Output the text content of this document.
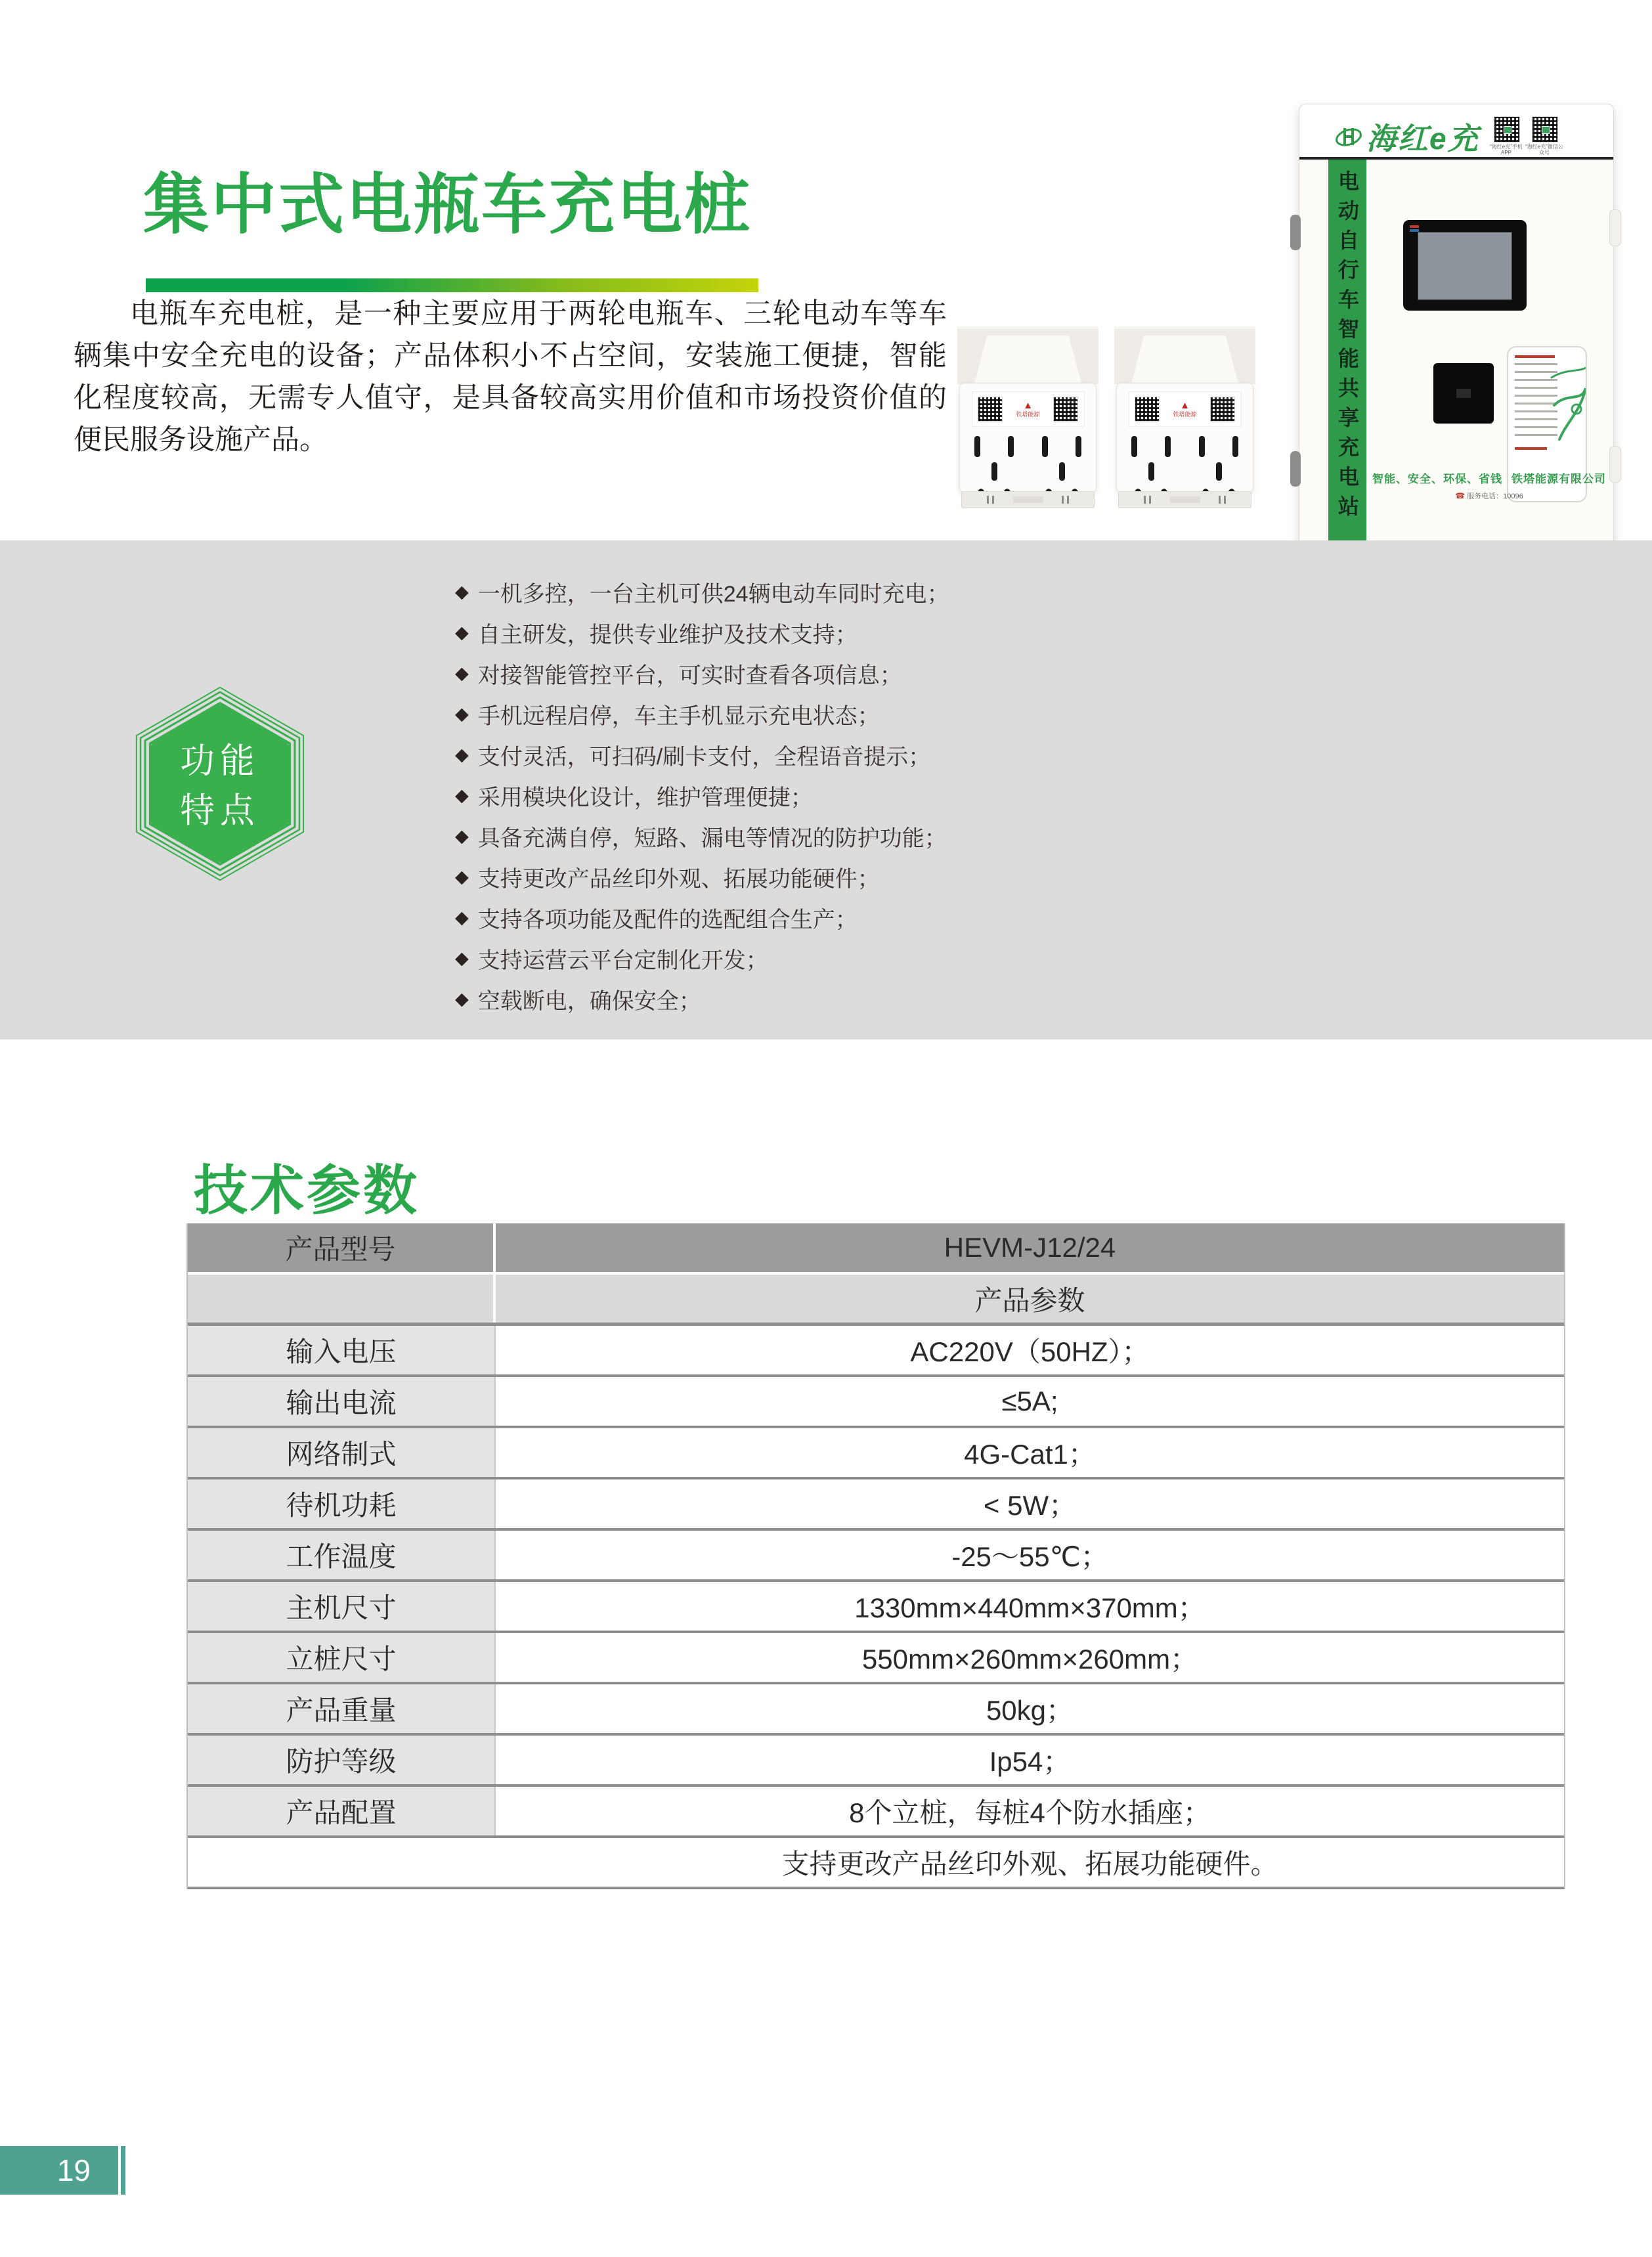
集中式电瓶车充电桩
电瓶车充电桩，是一种主要应用于两轮电瓶车、三轮电动车等车辆集中安全充电的设备；产品体积小不占空间，安装施工便捷，智能化程度较高，无需专人值守，是具备较高实用价值和市场投资价值的便民服务设施产品。
▲
铁塔能源
▲
铁塔能源
海红e充	“海红e充”手机APP
“海红e充”微信公众号
电动自行车智能共享充电站 智能、安全、环保、省钱 铁塔能源有限公司
☎ 服务电话：10096
功能
特点
◆ 一机多控，一台主机可供24辆电动车同时充电；
◆ 自主研发，提供专业维护及技术支持；
◆ 对接智能管控平台，可实时查看各项信息；
◆ 手机远程启停，车主手机显示充电状态；
◆ 支付灵活，可扫码/刷卡支付，全程语音提示；
◆ 采用模块化设计，维护管理便捷；
◆ 具备充满自停，短路、漏电等情况的防护功能；
◆ 支持更改产品丝印外观、拓展功能硬件；
◆ 支持各项功能及配件的选配组合生产；
◆ 支持运营云平台定制化开发；
◆ 空载断电，确保安全；
技术参数
产品型号	HEVM-J12/24
产品参数
输入电压	AC220V（50HZ）；
输出电流	≤5A;
网络制式	4G-Cat1；
待机功耗	< 5W；
工作温度	-25～55℃；
主机尺寸	1330mm×440mm×370mm；
立桩尺寸	550mm×260mm×260mm；
产品重量	50kg；
防护等级	Ip54；
产品配置	8个立桩，每桩4个防水插座；
支持更改产品丝印外观、拓展功能硬件。
19
